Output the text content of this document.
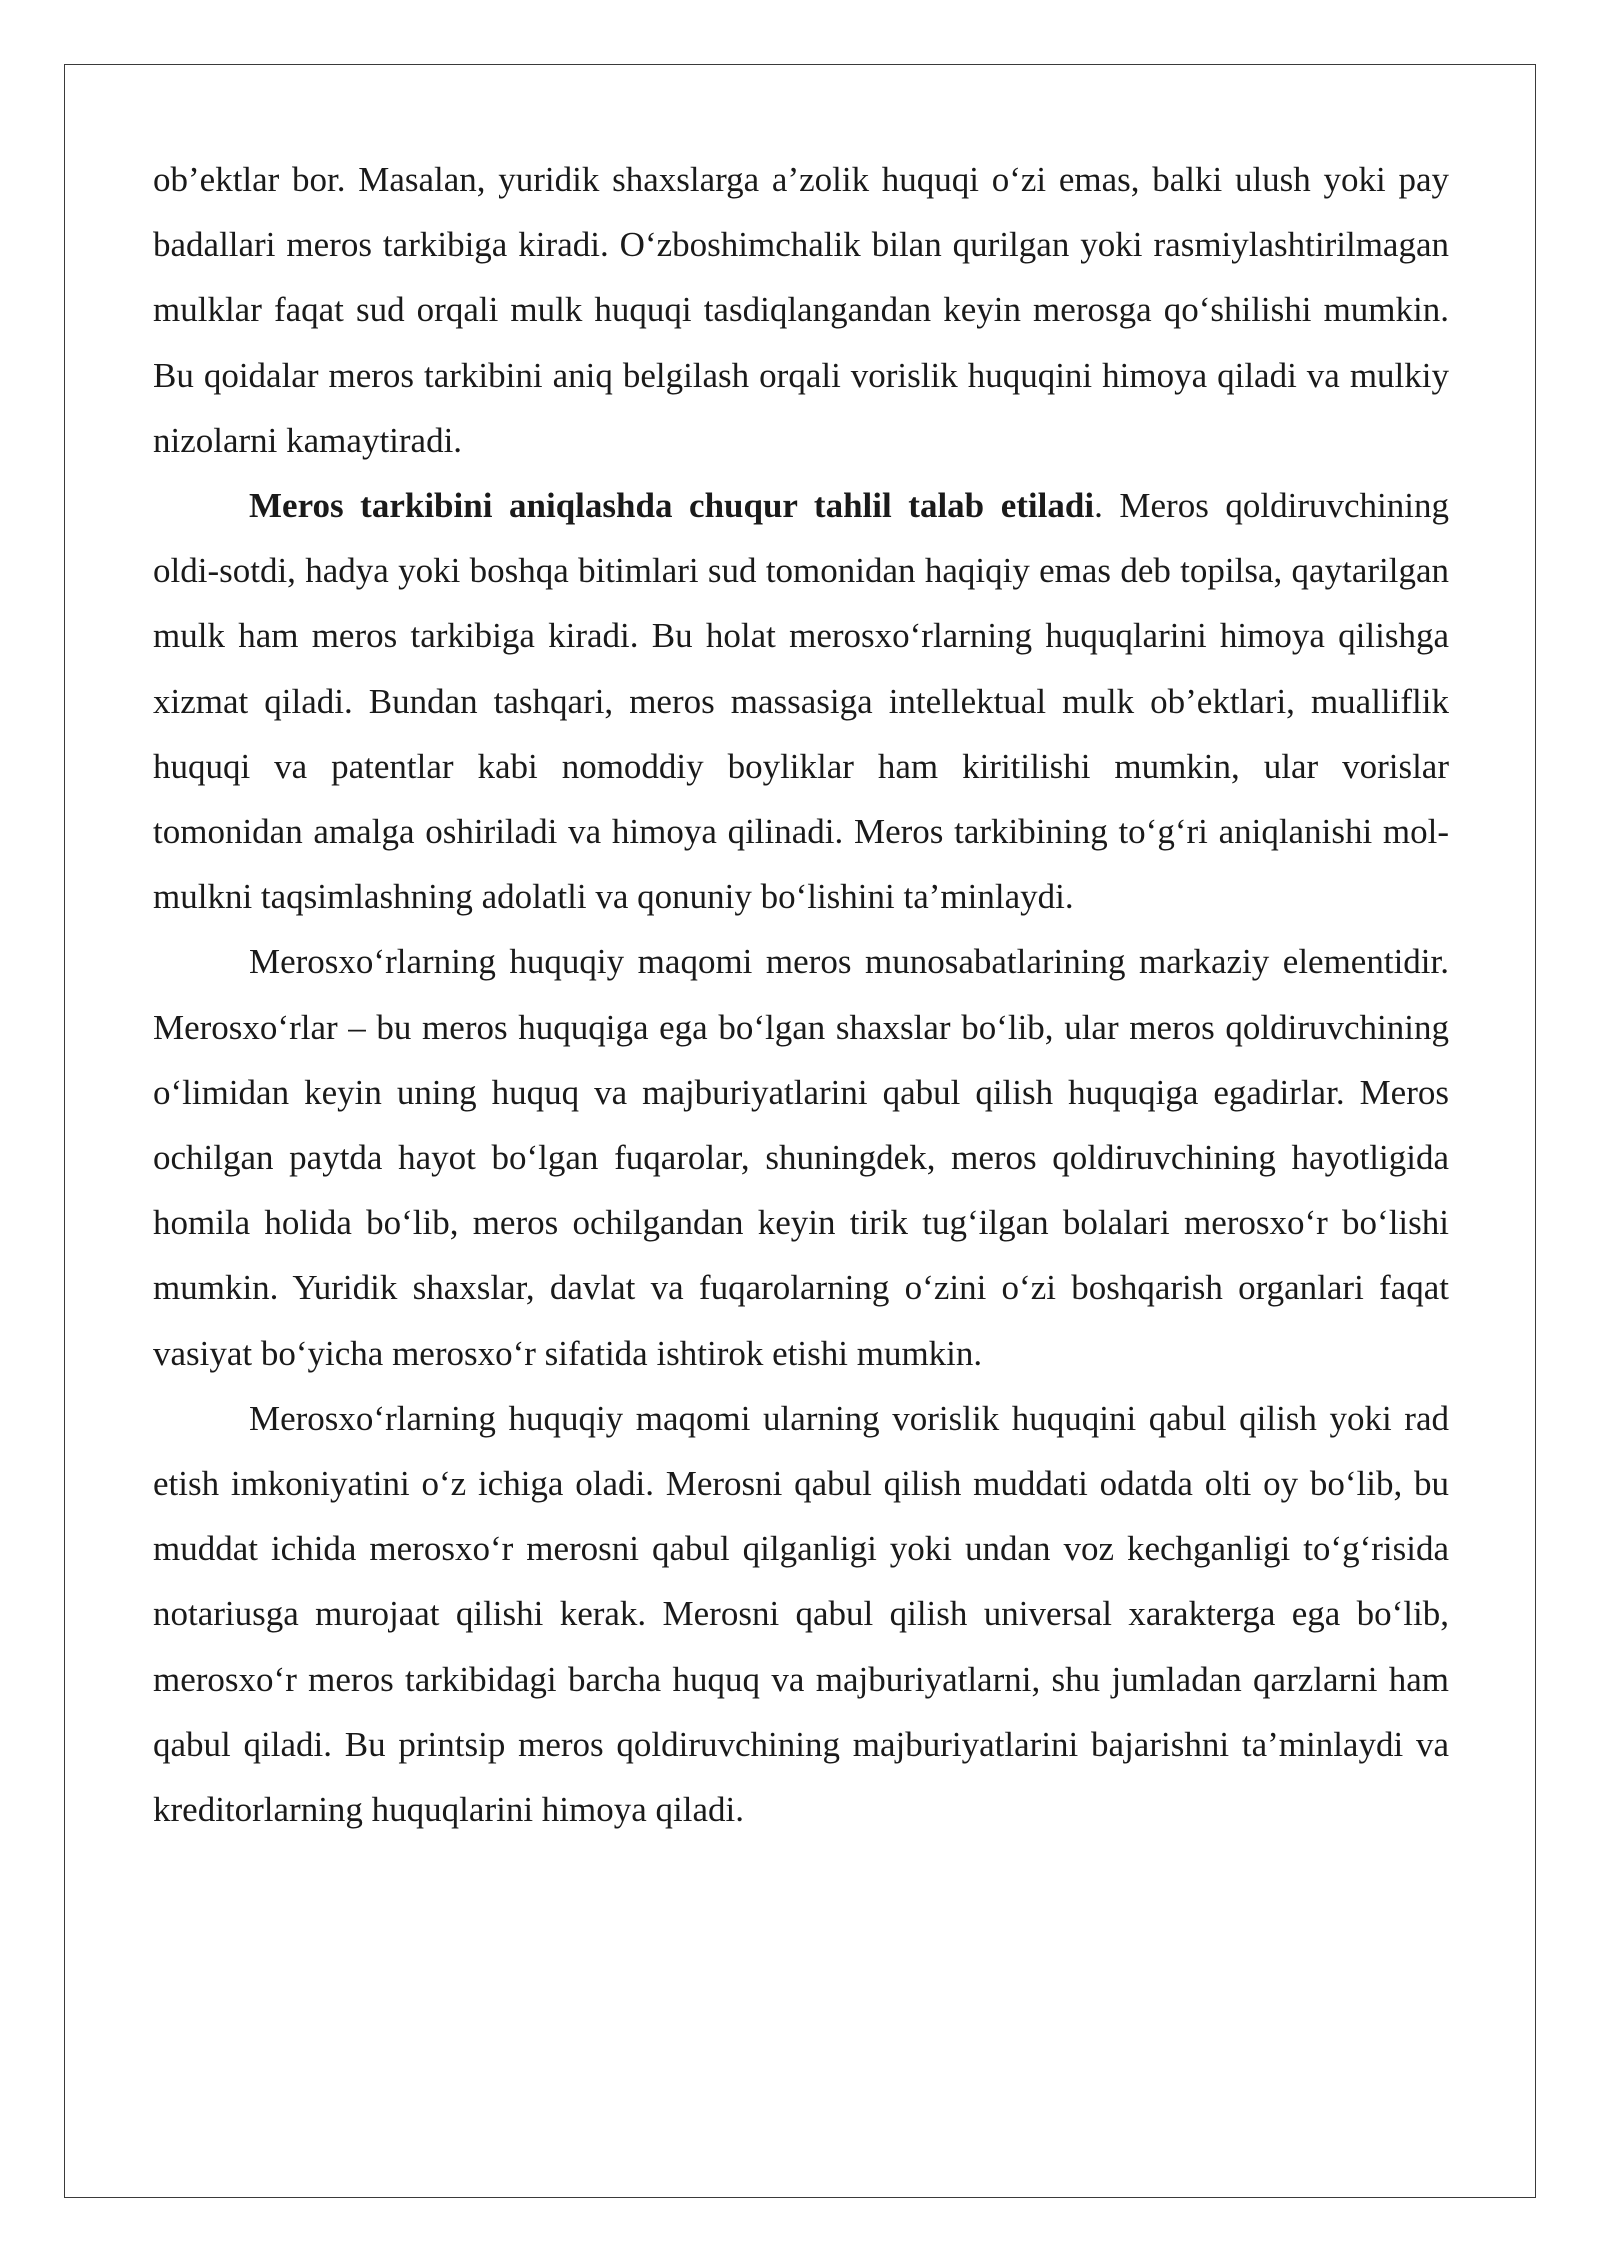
ob’ektlar bor. Masalan, yuridik shaxslarga a’zolik huquqi o‘zi emas, balki ulush yoki pay badallari meros tarkibiga kiradi. O‘zboshimchalik bilan qurilgan yoki rasmiylashtirilmagan mulklar faqat sud orqali mulk huquqi tasdiqlangandan keyin merosga qo‘shilishi mumkin. Bu qoidalar meros tarkibini aniq belgilash orqali vorislik huquqini himoya qiladi va mulkiy nizolarni kamaytiradi.

Meros tarkibini aniqlashda chuqur tahlil talab etiladi. Meros qoldiruvchining oldi-sotdi, hadya yoki boshqa bitimlari sud tomonidan haqiqiy emas deb topilsa, qaytarilgan mulk ham meros tarkibiga kiradi. Bu holat merosxo‘rlarning huquqlarini himoya qilishga xizmat qiladi. Bundan tashqari, meros massasiga intellektual mulk ob’ektlari, mualliflik huquqi va patentlar kabi nomoddiy boyliklar ham kiritilishi mumkin, ular vorislar tomonidan amalga oshiriladi va himoya qilinadi. Meros tarkibining to‘g‘ri aniqlanishi mol-mulkni taqsimlashning adolatli va qonuniy bo‘lishini ta’minlaydi.

Merosxo‘rlarning huquqiy maqomi meros munosabatlarining markaziy elementidir. Merosxo‘rlar – bu meros huquqiga ega bo‘lgan shaxslar bo‘lib, ular meros qoldiruvchining o‘limidan keyin uning huquq va majburiyatlarini qabul qilish huquqiga egadirlar. Meros ochilgan paytda hayot bo‘lgan fuqarolar, shuningdek, meros qoldiruvchining hayotligida homila holida bo‘lib, meros ochilgandan keyin tirik tug‘ilgan bolalari merosxo‘r bo‘lishi mumkin. Yuridik shaxslar, davlat va fuqarolarning o‘zini o‘zi boshqarish organlari faqat vasiyat bo‘yicha merosxo‘r sifatida ishtirok etishi mumkin.

Merosxo‘rlarning huquqiy maqomi ularning vorislik huquqini qabul qilish yoki rad etish imkoniyatini o‘z ichiga oladi. Merosni qabul qilish muddati odatda olti oy bo‘lib, bu muddat ichida merosxo‘r merosni qabul qilganligi yoki undan voz kechganligi to‘g‘risida notariusga murojaat qilishi kerak. Merosni qabul qilish universal xarakterga ega bo‘lib, merosxo‘r meros tarkibidagi barcha huquq va majburiyatlarni, shu jumladan qarzlarni ham qabul qiladi. Bu printsip meros qoldiruvchining majburiyatlarini bajarishni ta’minlaydi va kreditorlarning huquqlarini himoya qiladi.
